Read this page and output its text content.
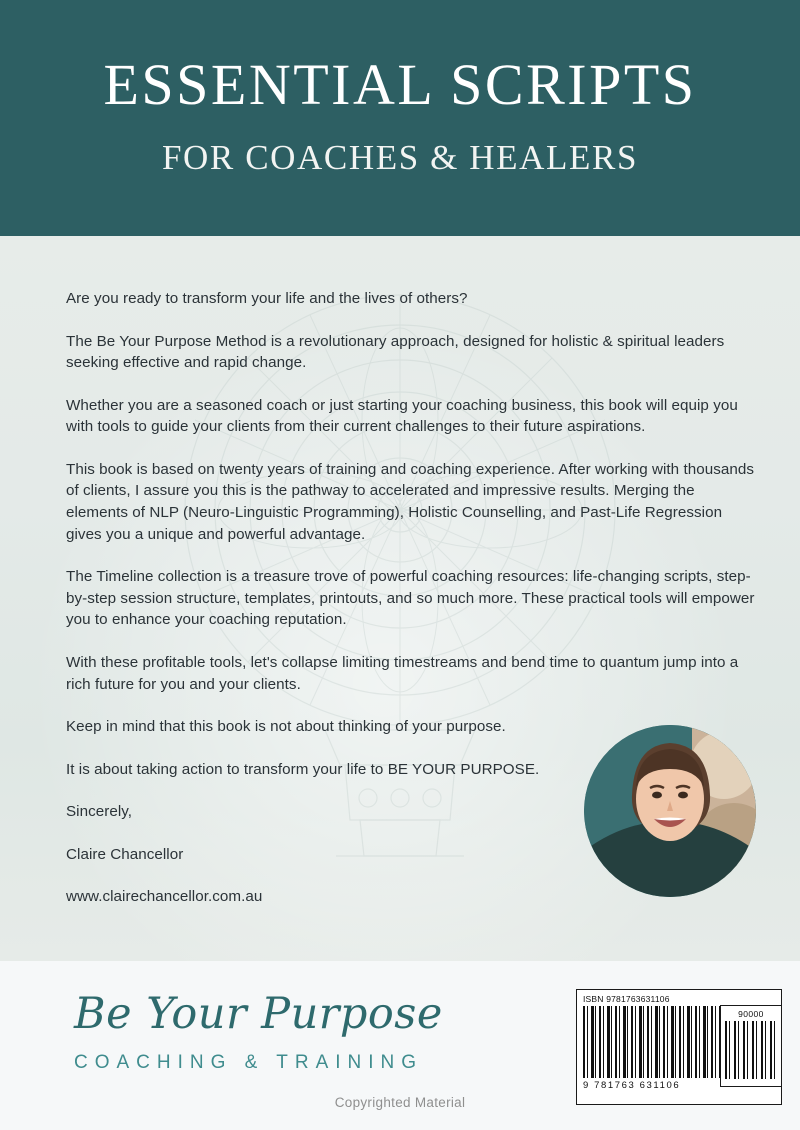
ESSENTIAL SCRIPTS
FOR COACHES & HEALERS

Are you ready to transform your life and the lives of others?

The Be Your Purpose Method is a revolutionary approach, designed for holistic & spiritual leaders seeking effective and rapid change.

Whether you are a seasoned coach or just starting your coaching business, this book will equip you with tools to guide your clients from their current challenges to their future aspirations.

This book is based on twenty years of training and coaching experience. After working with thousands of clients, I assure you this is the pathway to accelerated and impressive results. Merging the elements of NLP (Neuro-Linguistic Programming), Holistic Counselling, and Past-Life Regression gives you a unique and powerful advantage.

The Timeline collection is a treasure trove of powerful coaching resources: life-changing scripts, step-by-step session structure, templates, printouts, and so much more. These practical tools will empower you to enhance your coaching reputation.

With these profitable tools, let's collapse limiting timestreams and bend time to quantum jump into a rich future for you and your clients.

Keep in mind that this book is not about thinking of your purpose.

It is about taking action to transform your life to BE YOUR PURPOSE.

Sincerely,

Claire Chancellor

www.clairechancellor.com.au

Be Your Purpose
COACHING & TRAINING
ISBN 9781763631106
9 781763 631106
90000
Copyrighted Material
